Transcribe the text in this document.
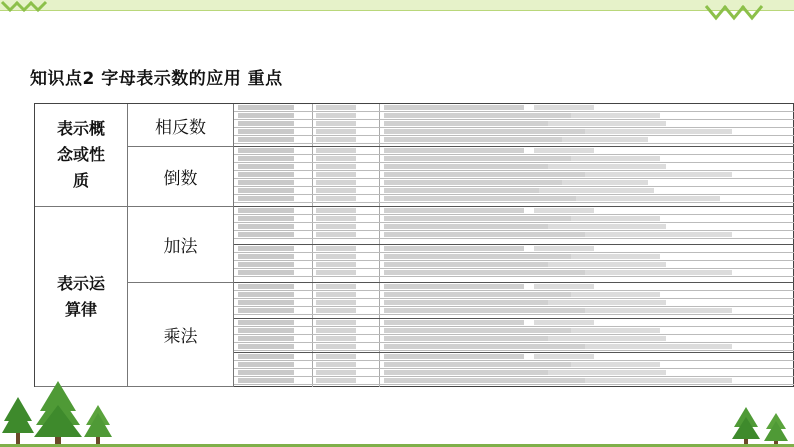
知识点2 字母表示数的应用 重点
表示概
念或性
质
表示运
算律
相反数
倒数
加法
乘法
